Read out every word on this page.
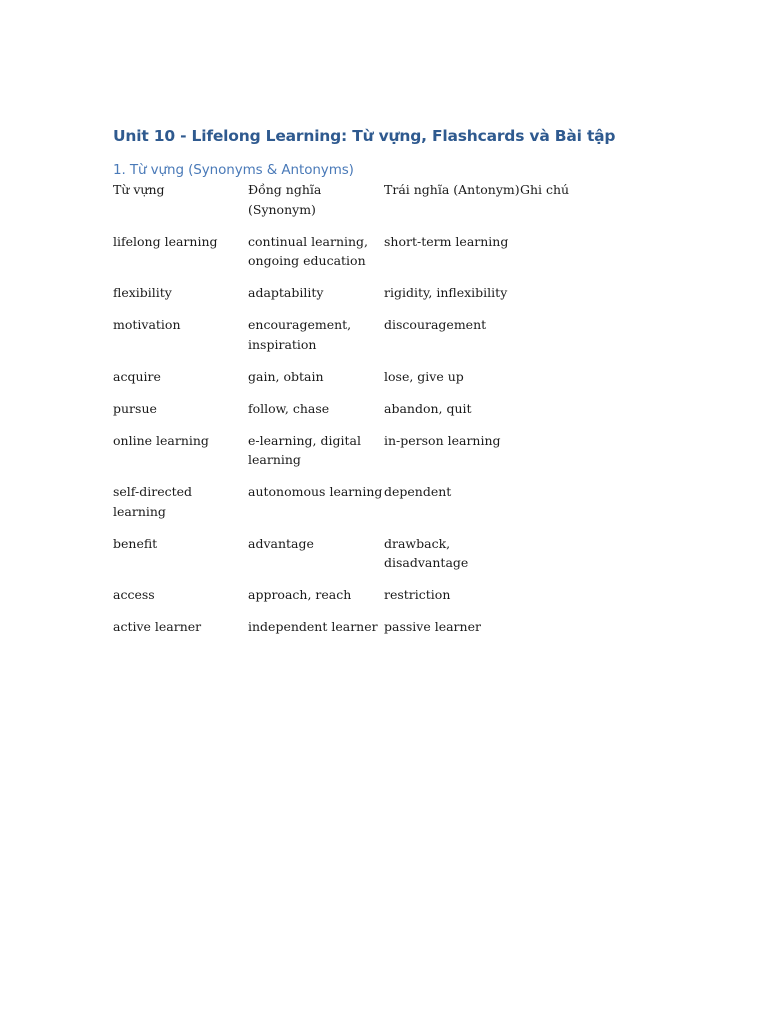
Unit 10 - Lifelong Learning: Từ vựng, Flashcards và Bài tập
1. Từ vựng (Synonyms & Antonyms)
Từ vựng	Đồng nghĩa (Synonym)	Trái nghĩa (Antonym)	Ghi chú

lifelong learning	continual learning, ongoing education	short-term learning	
flexibility	adaptability	rigidity, inflexibility	
motivation	encouragement, inspiration	discouragement	
acquire	gain, obtain	lose, give up	
pursue	follow, chase	abandon, quit	
online learning	e-learning, digital learning	in-person learning	
self-directed learning	autonomous learning	dependent	
benefit	advantage	drawback, disadvantage	
access	approach, reach	restriction	
active learner	independent learner	passive learner	
